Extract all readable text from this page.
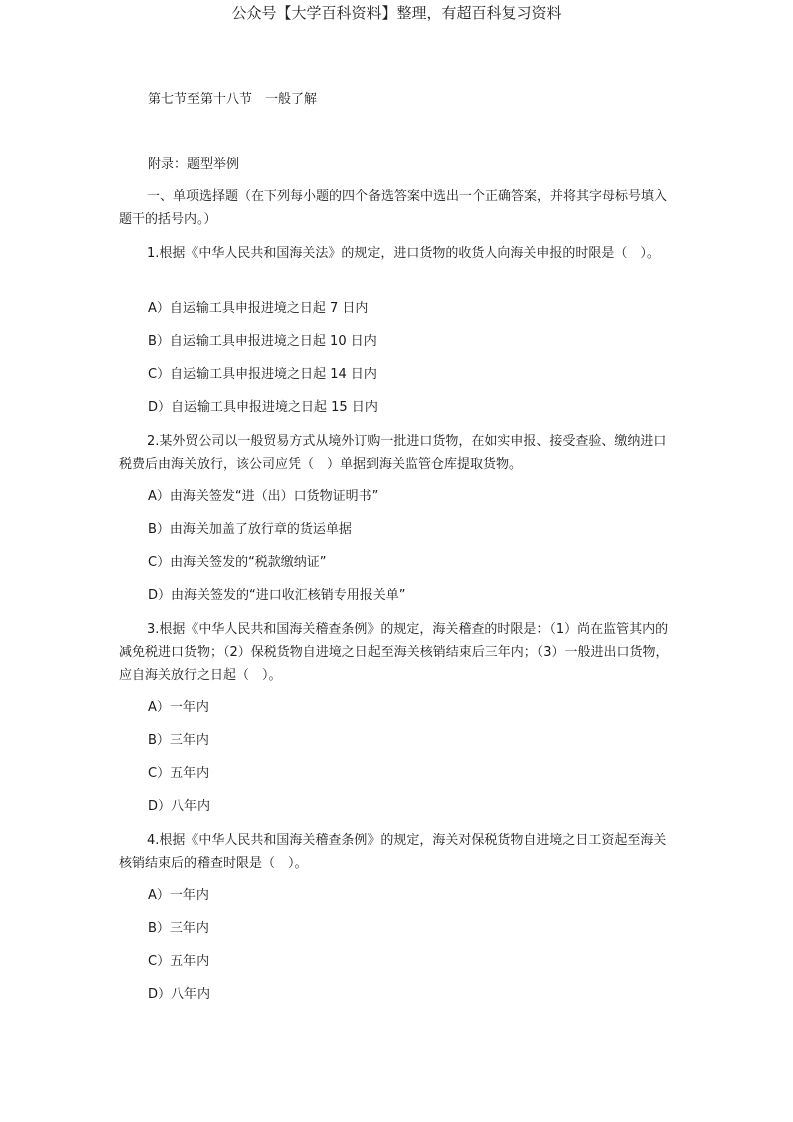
公众号【大学百科资料】整理，有超百科复习资料
第七节至第十八节　一般了解
附录：题型举例
一、单项选择题（在下列每小题的四个备选答案中选出一个正确答案，并将其字母标号填入题干的括号内。）
1.根据《中华人民共和国海关法》的规定，进口货物的收货人向海关申报的时限是（　）。
A）自运输工具申报进境之日起 7 日内
B）自运输工具申报进境之日起 10 日内
C）自运输工具申报进境之日起 14 日内
D）自运输工具申报进境之日起 15 日内
2.某外贸公司以一般贸易方式从境外订购一批进口货物，在如实申报、接受查验、缴纳进口税费后由海关放行，该公司应凭（　）单据到海关监管仓库提取货物。
A）由海关签发“进（出）口货物证明书”
B）由海关加盖了放行章的货运单据
C）由海关签发的“税款缴纳证”
D）由海关签发的“进口收汇核销专用报关单”
3.根据《中华人民共和国海关稽查条例》的规定，海关稽查的时限是：（1）尚在监管其内的减免税进口货物；（2）保税货物自进境之日起至海关核销结束后三年内；（3）一般进出口货物，应自海关放行之日起（　）。
A）一年内
B）三年内
C）五年内
D）八年内
4.根据《中华人民共和国海关稽查条例》的规定，海关对保税货物自进境之日工资起至海关核销结束后的稽查时限是（　）。
A）一年内
B）三年内
C）五年内
D）八年内
